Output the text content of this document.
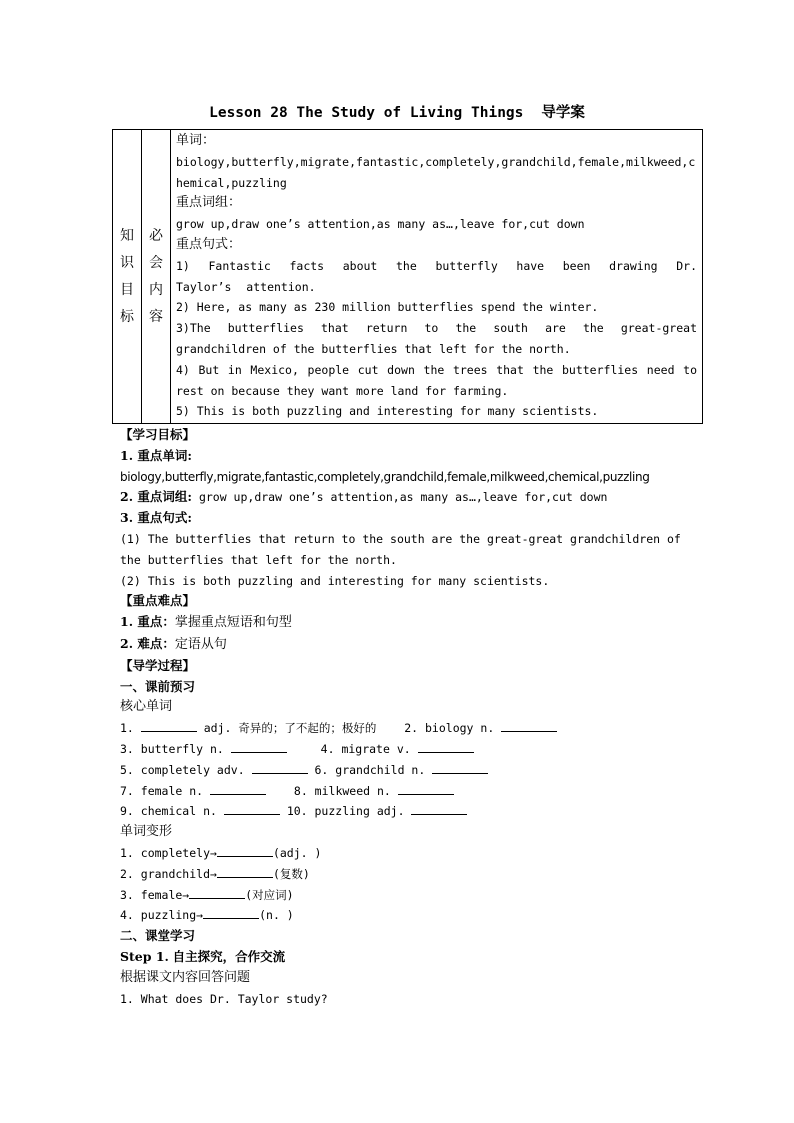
Lesson 28 The Study of Living Things 导学案
知
识
目
标

必
会
内
容

单词：
biology,butterfly,migrate,fantastic,completely,grandchild,female,milkweed,chemical,puzzling
重点词组：
grow up,draw one’s attention,as many as…,leave for,cut down
重点句式：
1) Fantastic facts about the butterfly have been drawing Dr. Taylor’s attention.
2) Here, as many as 230 million butterflies spend the winter.
3)The butterflies that return to the south are the great-great grandchildren of the butterflies that left for the north.
4) But in Mexico, people cut down the trees that the butterflies need to rest on because they want more land for farming.
5) This is both puzzling and interesting for many scientists.
【学习目标】
1. 重点单词:
biology,butterfly,migrate,fantastic,completely,grandchild,female,milkweed,chemical,puzzling
2. 重点词组: grow up,draw one’s attention,as many as…,leave for,cut down
3. 重点句式:
(1) The butterflies that return to the south are the great-great grandchildren of
the butterflies that left for the north.
(2) This is both puzzling and interesting for many scientists.
【重点难点】
1. 重点：掌握重点短语和句型
2. 难点：定语从句
【导学过程】
一、课前预习
核心单词
1.	adj. 奇异的；了不起的；极好的 2. biology n.
3. butterfly n.	4. migrate v.
5. completely adv.	6. grandchild n.
7. female n.	8. milkweed n.
9. chemical n.	10. puzzling adj.
单词变形
1. completely→	(adj. )
2. grandchild→	(复数)
3. female→	(对应词)
4. puzzling→	(n. )
二、课堂学习
Step 1. 自主探究，合作交流
根据课文内容回答问题
1. What does Dr. Taylor study?
